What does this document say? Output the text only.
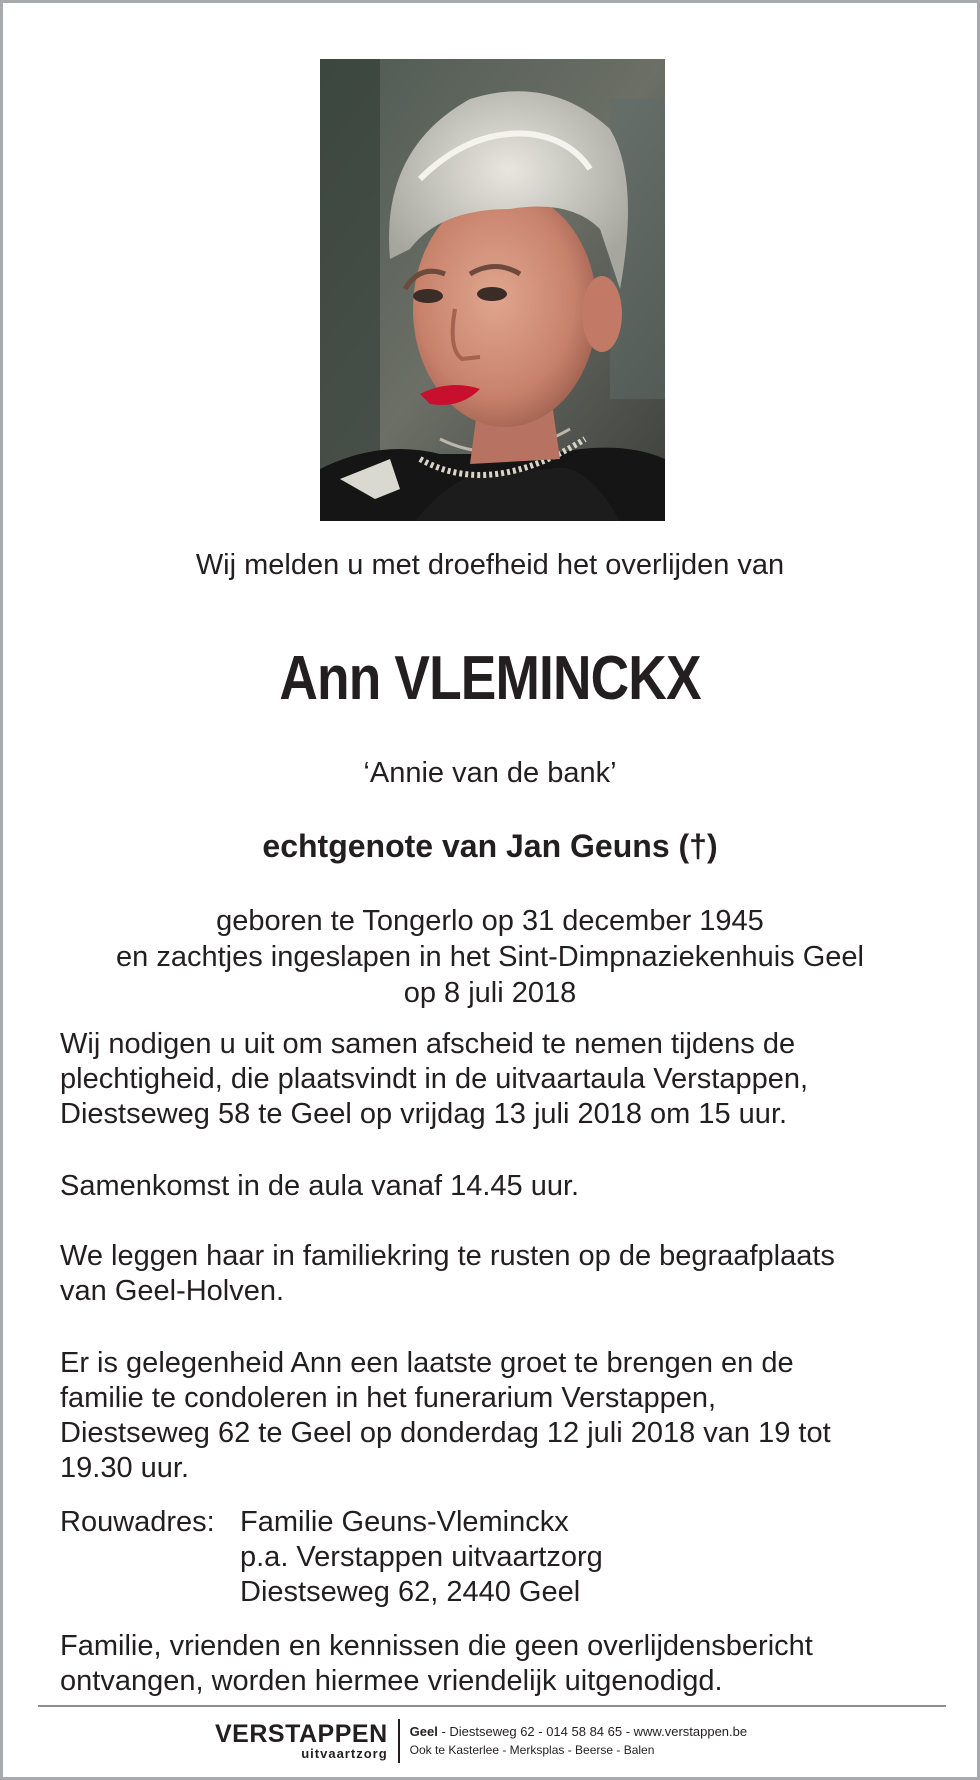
Wij melden u met droefheid het overlijden van
Ann VLEMINCKX
‘Annie van de bank’
echtgenote van Jan Geuns (†)
geboren te Tongerlo op 31 december 1945
en zachtjes ingeslapen in het Sint-Dimpnaziekenhuis Geel
op 8 juli 2018
Wij nodigen u uit om samen afscheid te nemen tijdens de
plechtigheid, die plaatsvindt in de uitvaartaula Verstappen,
Diestseweg 58 te Geel op vrijdag 13 juli 2018 om 15 uur.
Samenkomst in de aula vanaf 14.45 uur.
We leggen haar in familiekring te rusten op de begraafplaats
van Geel-Holven.
Er is gelegenheid Ann een laatste groet te brengen en de
familie te condoleren in het funerarium Verstappen,
Diestseweg 62 te Geel op donderdag 12 juli 2018 van 19 tot
19.30 uur.
Rouwadres: Familie Geuns-Vleminckx
p.a. Verstappen uitvaartzorg
Diestseweg 62, 2440 Geel
Familie, vrienden en kennissen die geen overlijdensbericht
ontvangen, worden hiermee vriendelijk uitgenodigd.
VERSTAPPEN
uitvaartzorg
Geel - Diestseweg 62 - 014 58 84 65 - www.verstappen.be
Ook te Kasterlee - Merksplas - Beerse - Balen
